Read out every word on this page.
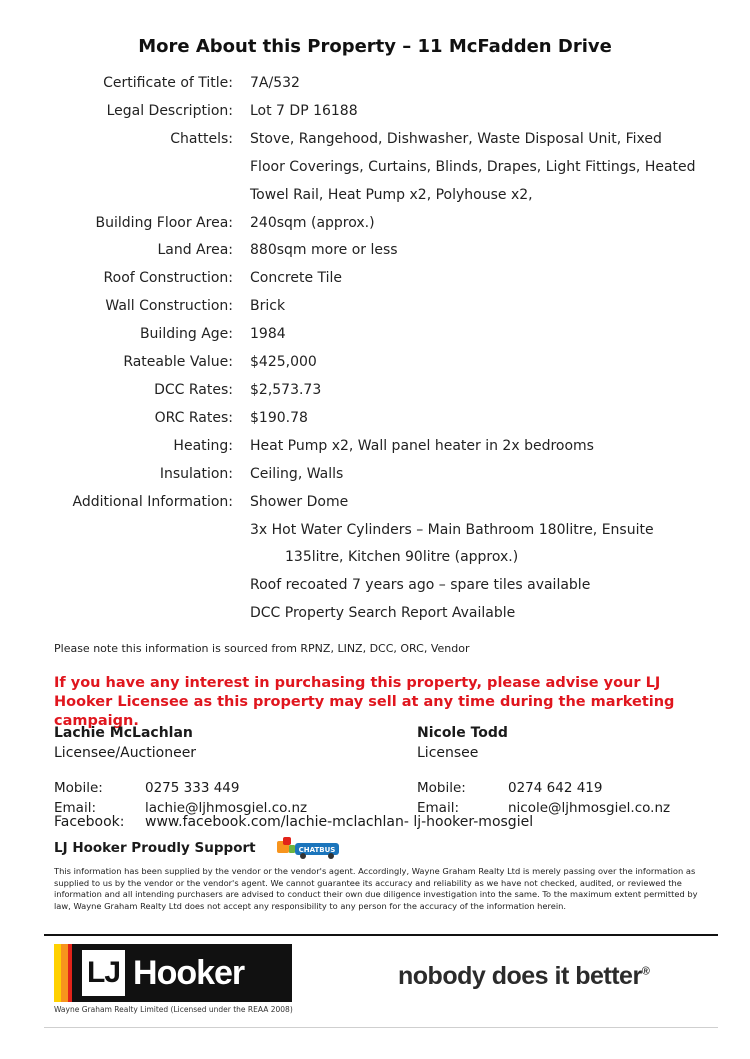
More About this Property – 11 McFadden Drive
Certificate of Title: 7A/532
Legal Description: Lot 7 DP 16188
Chattels: Stove, Rangehood, Dishwasher, Waste Disposal Unit, Fixed
Floor Coverings, Curtains, Blinds, Drapes, Light Fittings, Heated
Towel Rail, Heat Pump x2, Polyhouse x2,
Building Floor Area: 240sqm (approx.)
Land Area: 880sqm more or less
Roof Construction: Concrete Tile
Wall Construction: Brick
Building Age: 1984
Rateable Value: $425,000
DCC Rates: $2,573.73
ORC Rates: $190.78
Heating: Heat Pump x2, Wall panel heater in 2x bedrooms
Insulation: Ceiling, Walls
Additional Information: Shower Dome
3x Hot Water Cylinders – Main Bathroom 180litre, Ensuite
135litre, Kitchen 90litre (approx.)
Roof recoated 7 years ago – spare tiles available
DCC Property Search Report Available
Please note this information is sourced from RPNZ, LINZ, DCC, ORC, Vendor
If you have any interest in purchasing this property, please advise your LJ Hooker Licensee as this property may sell at any time during the marketing campaign.
Lachie McLachlan
Licensee/Auctioneer
Mobile:	0275 333 449
Email:	lachie@ljhmosgiel.co.nz
Nicole Todd
Licensee
Mobile:	0274 642 419
Email:	nicole@ljhmosgiel.co.nz
Facebook:	www.facebook.com/lachie-mclachlan- lj-hooker-mosgiel
LJ Hooker Proudly Support	CHATBUS
This information has been supplied by the vendor or the vendor's agent. Accordingly, Wayne Graham Realty Ltd is merely passing over the information as supplied to us by the vendor or the vendor's agent. We cannot guarantee its accuracy and reliability as we have not checked, audited, or reviewed the information and all intending purchasers are advised to conduct their own due diligence investigation into the same. To the maximum extent permitted by law, Wayne Graham Realty Ltd does not accept any responsibility to any person for the accuracy of the information herein.
LJ Hooker
Wayne Graham Realty Limited (Licensed under the REAA 2008)
nobody does it better®
